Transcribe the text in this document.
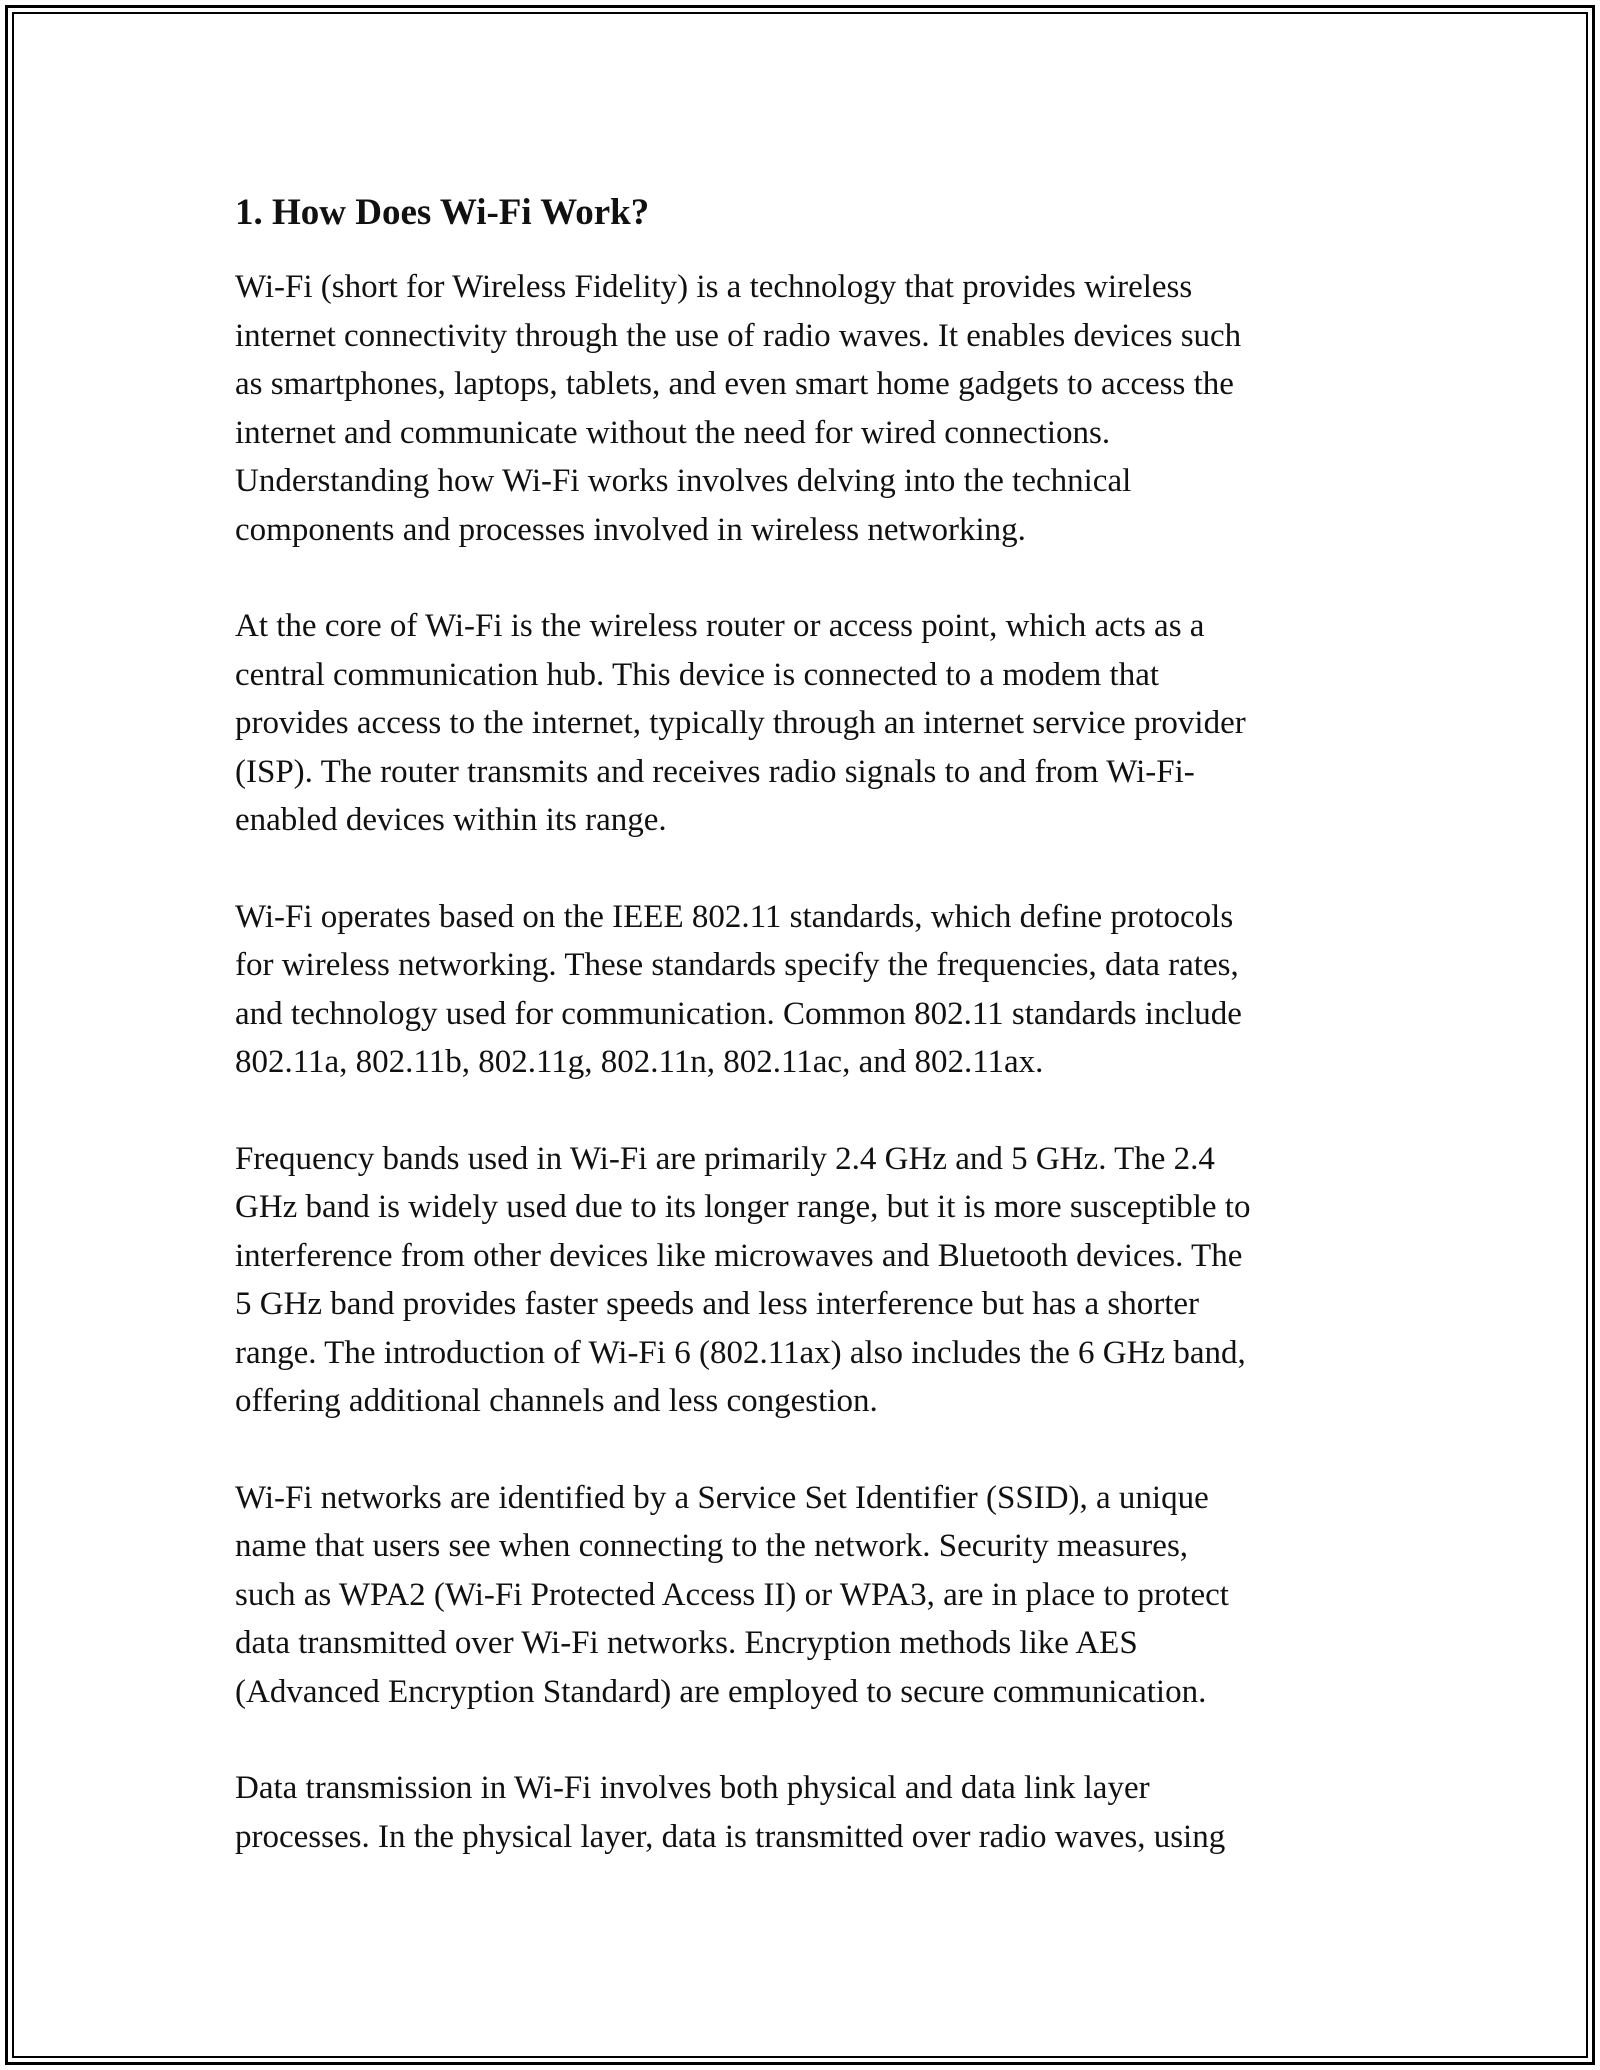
1. How Does Wi-Fi Work?

Wi-Fi (short for Wireless Fidelity) is a technology that provides wireless
internet connectivity through the use of radio waves. It enables devices such
as smartphones, laptops, tablets, and even smart home gadgets to access the
internet and communicate without the need for wired connections.
Understanding how Wi-Fi works involves delving into the technical
components and processes involved in wireless networking.

At the core of Wi-Fi is the wireless router or access point, which acts as a
central communication hub. This device is connected to a modem that
provides access to the internet, typically through an internet service provider
(ISP). The router transmits and receives radio signals to and from Wi-Fi-
enabled devices within its range.

Wi-Fi operates based on the IEEE 802.11 standards, which define protocols
for wireless networking. These standards specify the frequencies, data rates,
and technology used for communication. Common 802.11 standards include
802.11a, 802.11b, 802.11g, 802.11n, 802.11ac, and 802.11ax.

Frequency bands used in Wi-Fi are primarily 2.4 GHz and 5 GHz. The 2.4
GHz band is widely used due to its longer range, but it is more susceptible to
interference from other devices like microwaves and Bluetooth devices. The
5 GHz band provides faster speeds and less interference but has a shorter
range. The introduction of Wi-Fi 6 (802.11ax) also includes the 6 GHz band,
offering additional channels and less congestion.

Wi-Fi networks are identified by a Service Set Identifier (SSID), a unique
name that users see when connecting to the network. Security measures,
such as WPA2 (Wi-Fi Protected Access II) or WPA3, are in place to protect
data transmitted over Wi-Fi networks. Encryption methods like AES
(Advanced Encryption Standard) are employed to secure communication.

Data transmission in Wi-Fi involves both physical and data link layer
processes. In the physical layer, data is transmitted over radio waves, using
